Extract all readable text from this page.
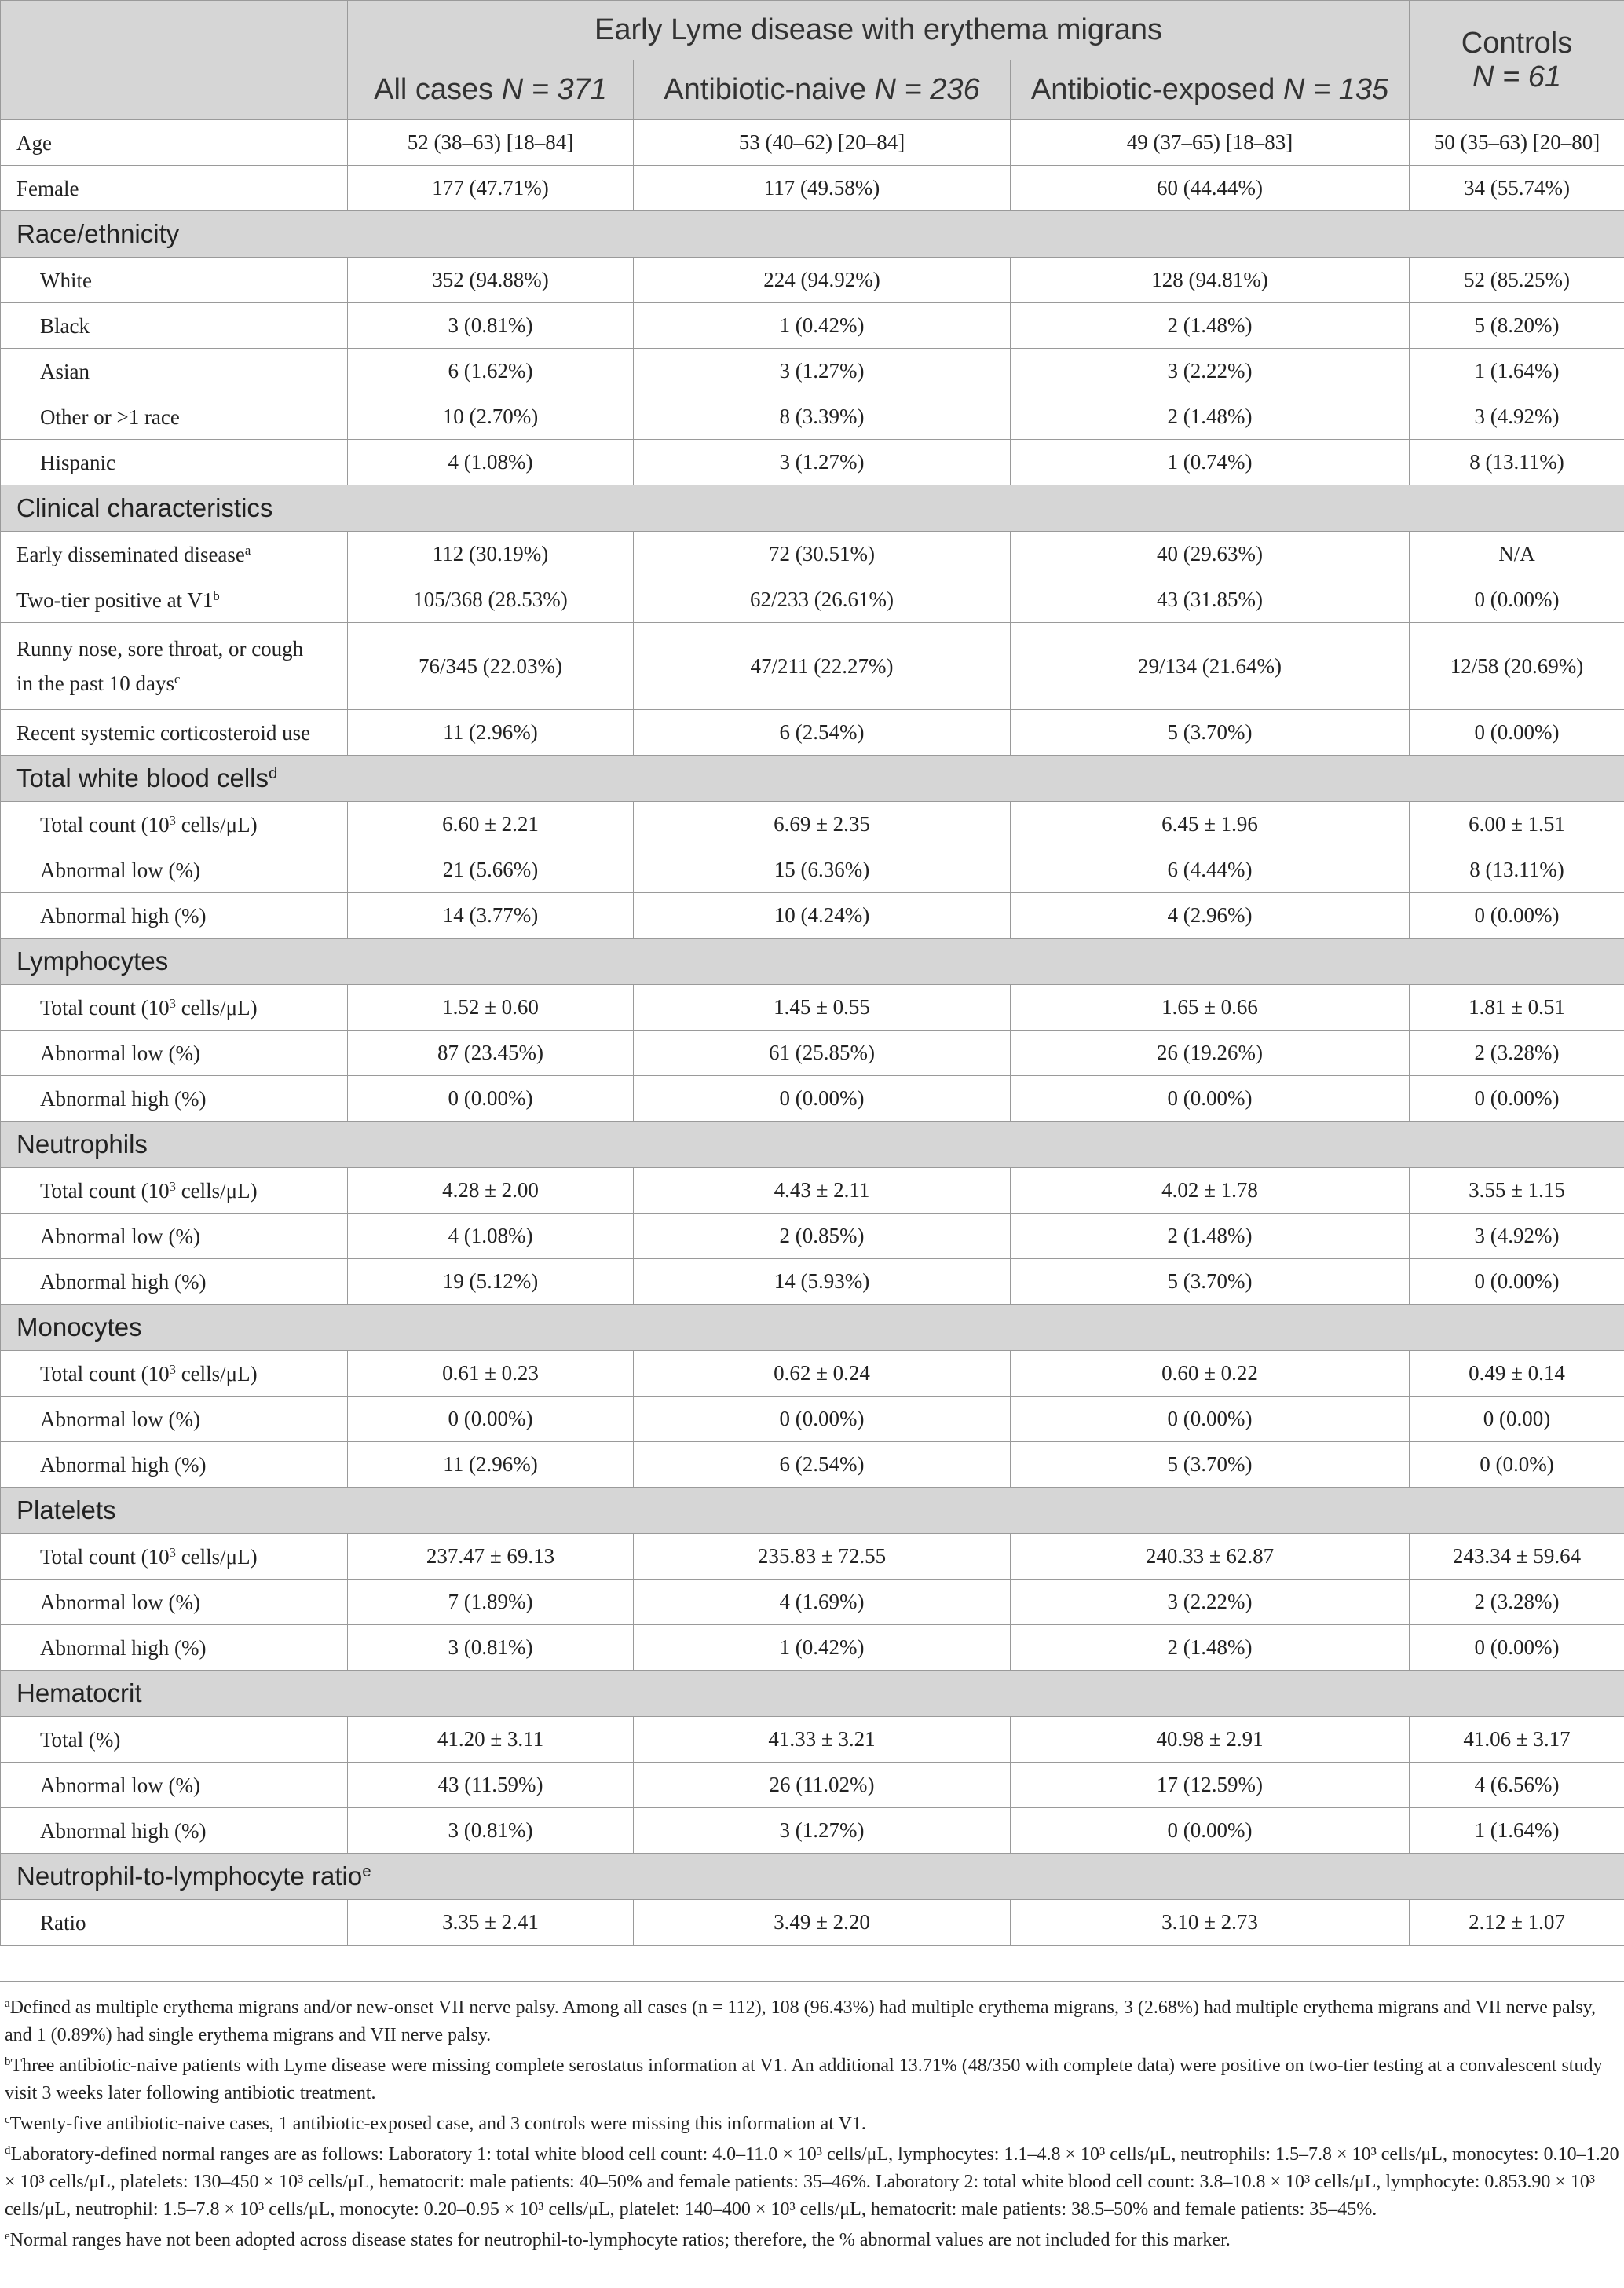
	Early Lyme disease with erythema migrans			Controls
N = 61
	All cases N = 371	Antibiotic-naive N = 236	Antibiotic-exposed N = 135	
Age	52 (38–63) [18–84]	53 (40–62) [20–84]	49 (37–65) [18–83]	50 (35–63) [20–80]
Female	177 (47.71%)	117 (49.58%)	60 (44.44%)	34 (55.74%)
Race/ethnicity				
White	352 (94.88%)	224 (94.92%)	128 (94.81%)	52 (85.25%)
Black	3 (0.81%)	1 (0.42%)	2 (1.48%)	5 (8.20%)
Asian	6 (1.62%)	3 (1.27%)	3 (2.22%)	1 (1.64%)
Other or >1 race	10 (2.70%)	8 (3.39%)	2 (1.48%)	3 (4.92%)
Hispanic	4 (1.08%)	3 (1.27%)	1 (0.74%)	8 (13.11%)
Clinical characteristics				
Early disseminated disease$^a$	112 (30.19%)	72 (30.51%)	40 (29.63%)	N/A
Two-tier positive at V1$^b$	105/368 (28.53%)	62/233 (26.61%)	43 (31.85%)	0 (0.00%)
Runny nose, sore throat, or cough
in the past 10 days$^c$	76/345 (22.03%)	47/211 (22.27%)	29/134 (21.64%)	12/58 (20.69%)
Recent systemic corticosteroid use	11 (2.96%)	6 (2.54%)	5 (3.70%)	0 (0.00%)
Total white blood cells$^d$
Total count ($10^3$ cells/μL)	6.60 ± 2.21	6.69 ± 2.35	6.45 ± 1.96	6.00 ± 1.51
Abnormal low (%)	21 (5.66%)	15 (6.36%)	6 (4.44%)	8 (13.11%)
Abnormal high (%)	14 (3.77%)	10 (4.24%)	4 (2.96%)	0 (0.00%)
Lymphocytes				
Total count ($10^3$ cells/μL)	1.52 ± 0.60	1.45 ± 0.55	1.65 ± 0.66	1.81 ± 0.51
Abnormal low (%)	87 (23.45%)	61 (25.85%)	26 (19.26%)	2 (3.28%)
Abnormal high (%)	0 (0.00%)	0 (0.00%)	0 (0.00%)	0 (0.00%)
Neutrophils				
Total count ($10^3$ cells/μL)	4.28 ± 2.00	4.43 ± 2.11	4.02 ± 1.78	3.55 ± 1.15
Abnormal low (%)	4 (1.08%)	2 (0.85%)	2 (1.48%)	3 (4.92%)
Abnormal high (%)	19 (5.12%)	14 (5.93%)	5 (3.70%)	0 (0.00%)
Monocytes				
Total count ($10^3$ cells/μL)	0.61 ± 0.23	0.62 ± 0.24	0.60 ± 0.22	0.49 ± 0.14
Abnormal low (%)	0 (0.00%)	0 (0.00%)	0 (0.00%)	0 (0.00)
Abnormal high (%)	11 (2.96%)	6 (2.54%)	5 (3.70%)	0 (0.0%)
Platelets				
Total count ($10^3$ cells/μL)	237.47 ± 69.13	235.83 ± 72.55	240.33 ± 62.87	243.34 ± 59.64
Abnormal low (%)	7 (1.89%)	4 (1.69%)	3 (2.22%)	2 (3.28%)
Abnormal high (%)	3 (0.81%)	1 (0.42%)	2 (1.48%)	0 (0.00%)
Hematocrit				
Total (%)	41.20 ± 3.11	41.33 ± 3.21	40.98 ± 2.91	41.06 ± 3.17
Abnormal low (%)	43 (11.59%)	26 (11.02%)	17 (12.59%)	4 (6.56%)
Abnormal high (%)	3 (0.81%)	3 (1.27%)	0 (0.00%)	1 (1.64%)
Neutrophil-to-lymphocyte ratio$^e$
Ratio	3.35 ± 2.41	3.49 ± 2.20	3.10 ± 2.73	2.12 ± 1.07

$^a$Defined as multiple erythema migrans and/or new-onset VII nerve palsy. Among all cases (n = 112), 108 (96.43%) had multiple erythema migrans, 3 (2.68%) had multiple erythema migrans and VII nerve palsy, and 1 (0.89%) had single erythema migrans and VII nerve palsy.

$^b$Three antibiotic-naive patients with Lyme disease were missing complete serostatus information at V1. An additional 13.71% (48/350 with complete data) were positive on two-tier testing at a convalescent study visit 3 weeks later following antibiotic treatment.

$^c$Twenty-five antibiotic-naive cases, 1 antibiotic-exposed case, and 3 controls were missing this information at V1.

$^d$Laboratory-defined normal ranges are as follows: Laboratory 1: total white blood cell count: 4.0–11.0 × 10³ cells/μL, lymphocytes: 1.1–4.8 × 10³ cells/μL, neutrophils: 1.5–7.8 × 10³ cells/μL, monocytes: 0.10–1.20 × 10³ cells/μL, platelets: 130–450 × 10³ cells/μL, hematocrit: male patients: 40–50% and female patients: 35–46%. Laboratory 2: total white blood cell count: 3.8–10.8 × 10³ cells/μL, lymphocyte: 0.853.90 × 10³ cells/μL, neutrophil: 1.5–7.8 × 10³ cells/μL, monocyte: 0.20–0.95 × 10³ cells/μL, platelet: 140–400 × 10³ cells/μL, hematocrit: male patients: 38.5–50% and female patients: 35–45%.

$^e$Normal ranges have not been adopted across disease states for neutrophil-to-lymphocyte ratios; therefore, the % abnormal values are not included for this marker.
